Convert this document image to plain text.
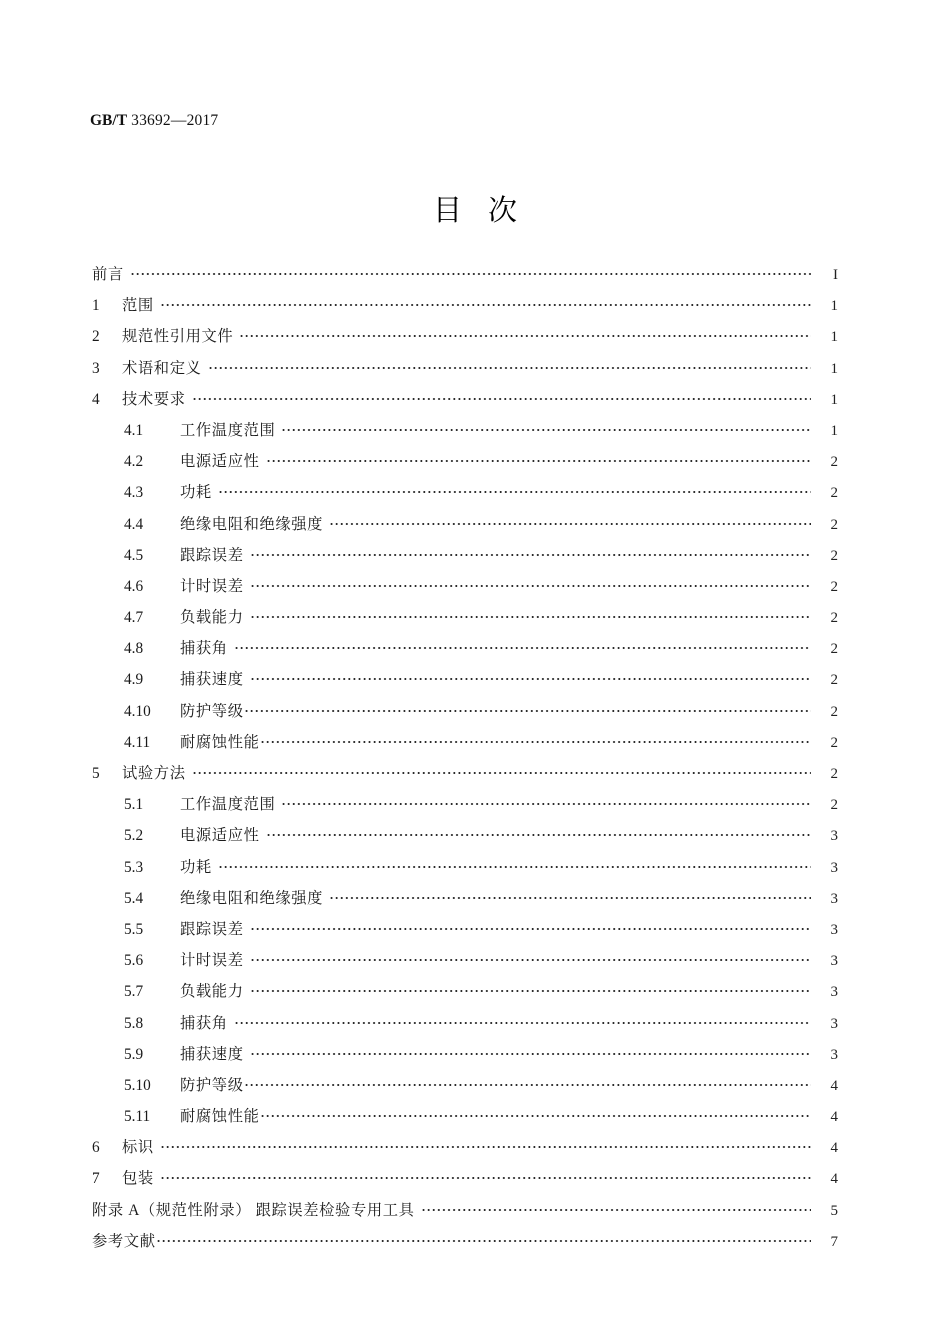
GB/T 33692—2017
目次
前言	I
1	范围	1
2	规范性引用文件	1
3	术语和定义	1
4	技术要求	1
4.1	工作温度范围	1
4.2	电源适应性	2
4.3	功耗	2
4.4	绝缘电阻和绝缘强度	2
4.5	跟踪误差	2
4.6	计时误差	2
4.7	负载能力	2
4.8	捕获角	2
4.9	捕获速度	2
4.10	防护等级	2
4.11	耐腐蚀性能	2
5	试验方法	2
5.1	工作温度范围	2
5.2	电源适应性	3
5.3	功耗	3
5.4	绝缘电阻和绝缘强度	3
5.5	跟踪误差	3
5.6	计时误差	3
5.7	负载能力	3
5.8	捕获角	3
5.9	捕获速度	3
5.10	防护等级	4
5.11	耐腐蚀性能	4
6	标识	4
7	包装	4
附录 A（规范性附录） 跟踪误差检验专用工具	5
参考文献	7
